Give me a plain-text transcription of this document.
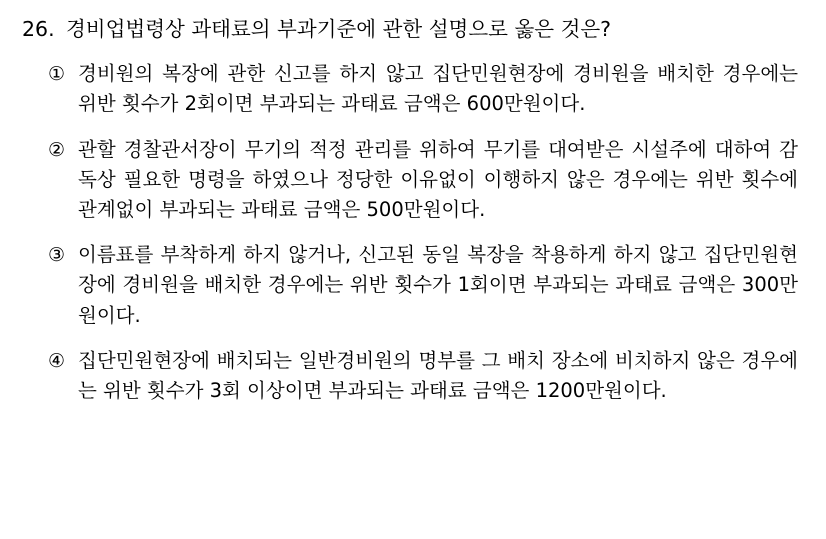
26. 경비업법령상 과태료의 부과기준에 관한 설명으로 옳은 것은?
① 경비원의 복장에 관한 신고를 하지 않고 집단민원현장에 경비원을 배치한 경우에는 위반 횟수가 2회이면 부과되는 과태료 금액은 600만원이다.
② 관할 경찰관서장이 무기의 적정 관리를 위하여 무기를 대여받은 시설주에 대하여 감독상 필요한 명령을 하였으나 정당한 이유없이 이행하지 않은 경우에는 위반 횟수에 관계없이 부과되는 과태료 금액은 500만원이다.
③ 이름표를 부착하게 하지 않거나, 신고된 동일 복장을 착용하게 하지 않고 집단민원현장에 경비원을 배치한 경우에는 위반 횟수가 1회이면 부과되는 과태료 금액은 300만원이다.
④ 집단민원현장에 배치되는 일반경비원의 명부를 그 배치 장소에 비치하지 않은 경우에는 위반 횟수가 3회 이상이면 부과되는 과태료 금액은 1200만원이다.
